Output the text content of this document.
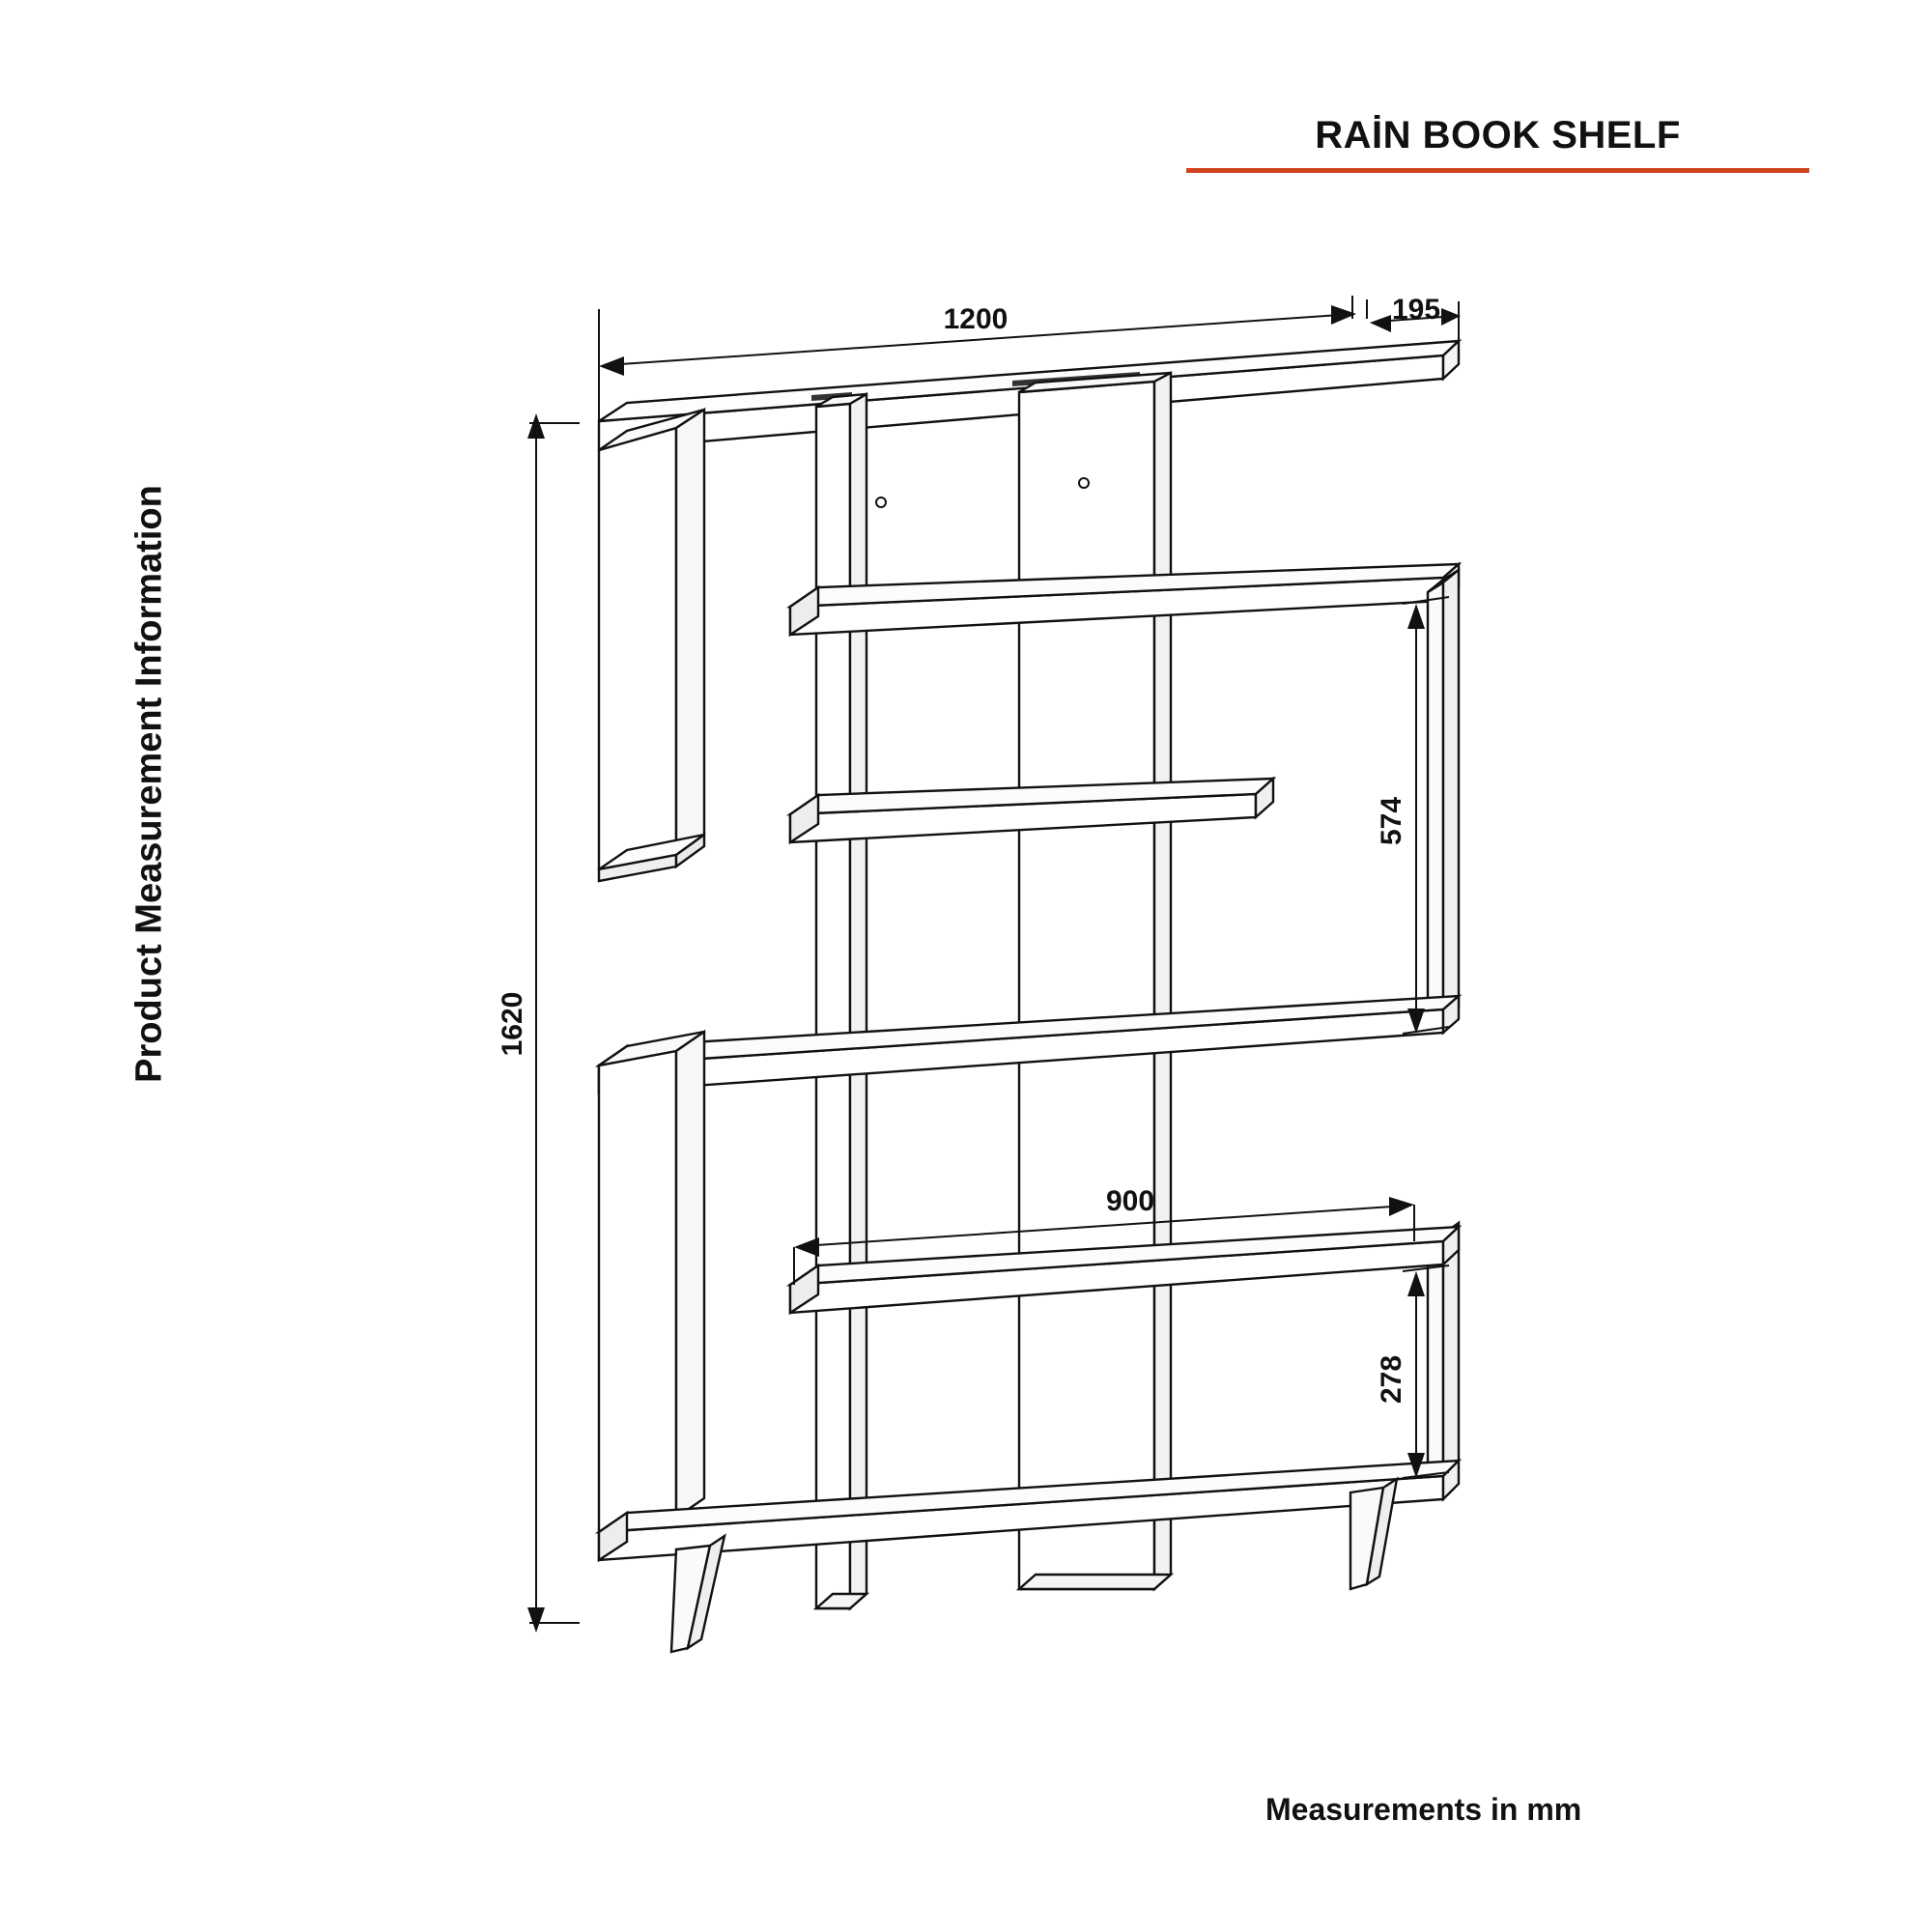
RAİN BOOK SHELF
Product Measurement Information
Measurements in mm
1200	195
1620
574
900
278
